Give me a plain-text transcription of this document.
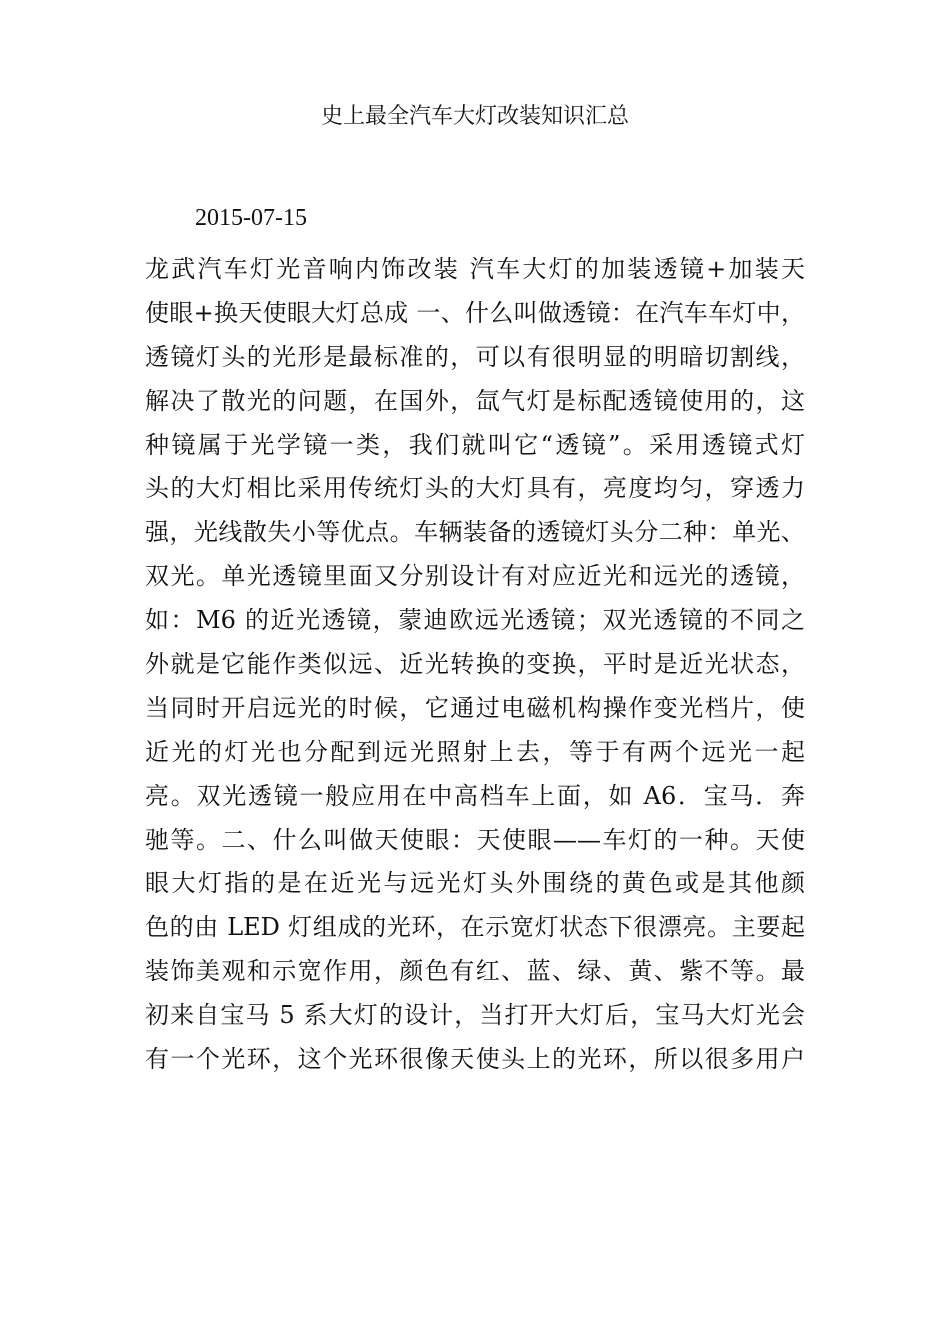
史上最全汽车大灯改装知识汇总
2015-07-15
龙武汽车灯光音响内饰改装 汽车大灯的加装透镜+加装天
使眼+换天使眼大灯总成 一、什么叫做透镜：在汽车车灯中，
透镜灯头的光形是最标准的，可以有很明显的明暗切割线，
解决了散光的问题，在国外，氙气灯是标配透镜使用的，这
种镜属于光学镜一类，我们就叫它“透镜”。采用透镜式灯
头的大灯相比采用传统灯头的大灯具有，亮度均匀，穿透力
强，光线散失小等优点。车辆装备的透镜灯头分二种：单光、
双光。单光透镜里面又分别设计有对应近光和远光的透镜，
如：M6 的近光透镜，蒙迪欧远光透镜；双光透镜的不同之
外就是它能作类似远、近光转换的变换，平时是近光状态，
当同时开启远光的时候，它通过电磁机构操作变光档片，使
近光的灯光也分配到远光照射上去，等于有两个远光一起
亮。双光透镜一般应用在中高档车上面，如 A6．宝马．奔
驰等。二、什么叫做天使眼：天使眼——车灯的一种。天使
眼大灯指的是在近光与远光灯头外围绕的黄色或是其他颜
色的由 LED 灯组成的光环，在示宽灯状态下很漂亮。主要起
装饰美观和示宽作用，颜色有红、蓝、绿、黄、紫不等。最
初来自宝马 5 系大灯的设计，当打开大灯后，宝马大灯光会
有一个光环，这个光环很像天使头上的光环，所以很多用户
